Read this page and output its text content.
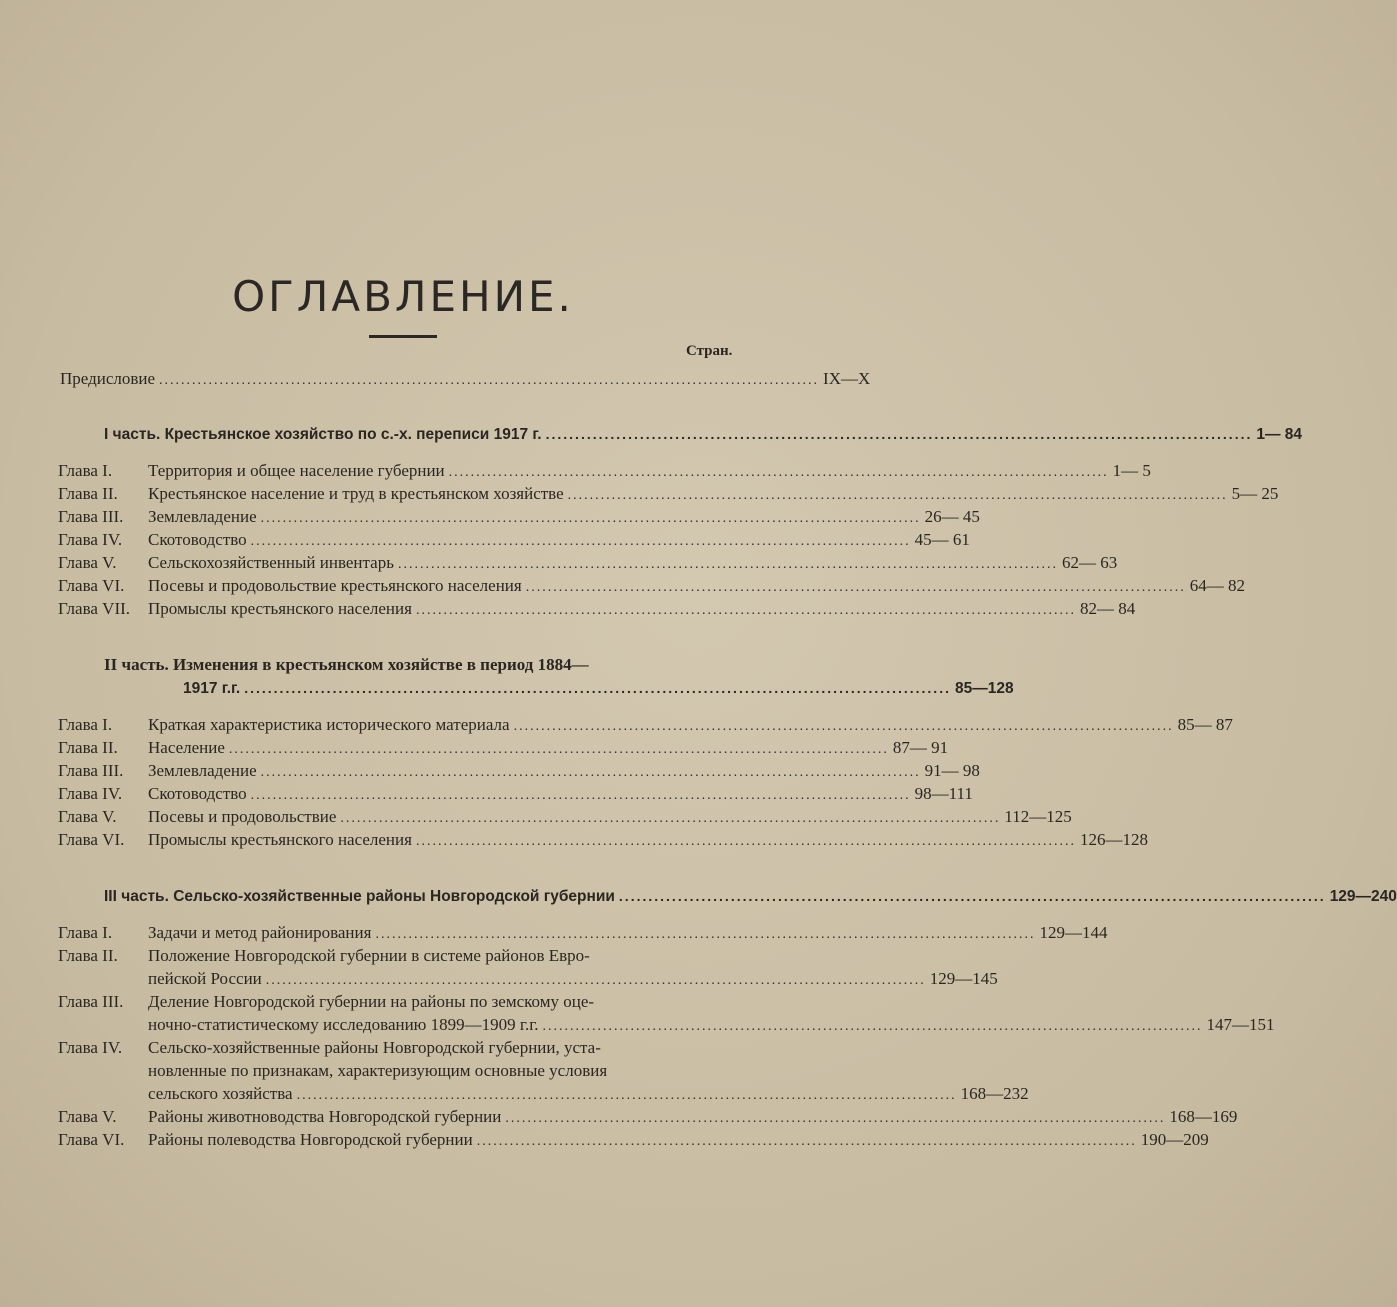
ОГЛАВЛЕНИЕ.
Стран.
Предисловие ........................................................................................................................ IX—X
I часть. Крестьянское хозяйство по с.-х. переписи 1917 г. ........................................................................................................................ 1— 84
Глава I.	Территория и общее население губернии ........................................................................................................................ 1— 5
Глава II.	Крестьянское население и труд в крестьянском хозяйстве ........................................................................................................................ 5— 25
Глава III.	Землевладение ........................................................................................................................ 26— 45
Глава IV.	Скотоводство ........................................................................................................................ 45— 61
Глава V.	Сельскохозяйственный инвентарь ........................................................................................................................ 62— 63
Глава VI.	Посевы и продовольствие крестьянского населения ........................................................................................................................ 64— 82
Глава VII.	Промыслы крестьянского населения ........................................................................................................................ 82— 84
II часть. Изменения в крестьянском хозяйстве в период 1884—
1917 г.г. ........................................................................................................................ 85—128
Глава I.	Краткая характеристика исторического материала ........................................................................................................................ 85— 87
Глава II.	Население ........................................................................................................................ 87— 91
Глава III.	Землевладение ........................................................................................................................ 91— 98
Глава IV.	Скотоводство ........................................................................................................................ 98—111
Глава V.	Посевы и продовольствие ........................................................................................................................ 112—125
Глава VI.	Промыслы крестьянского населения ........................................................................................................................ 126—128
III часть. Сельско-хозяйственные районы Новгородской губернии ........................................................................................................................ 129—240
Глава I.	Задачи и метод районирования ........................................................................................................................ 129—144
Глава II. Положение Новгородской губернии в системе районов Евро-
пейской России ........................................................................................................................ 129—145
Глава III. Деление Новгородской губернии на районы по земскому оце-
ночно-статистическому исследованию 1899—1909 г.г. ........................................................................................................................ 147—151
Глава IV. Сельско-хозяйственные районы Новгородской губернии, уста-
новленные по признакам, характеризующим основные условия
сельского хозяйства ........................................................................................................................ 168—232
Глава V.	Районы животноводства Новгородской губернии ........................................................................................................................ 168—169
Глава VI.	Районы полеводства Новгородской губернии ........................................................................................................................ 190—209
